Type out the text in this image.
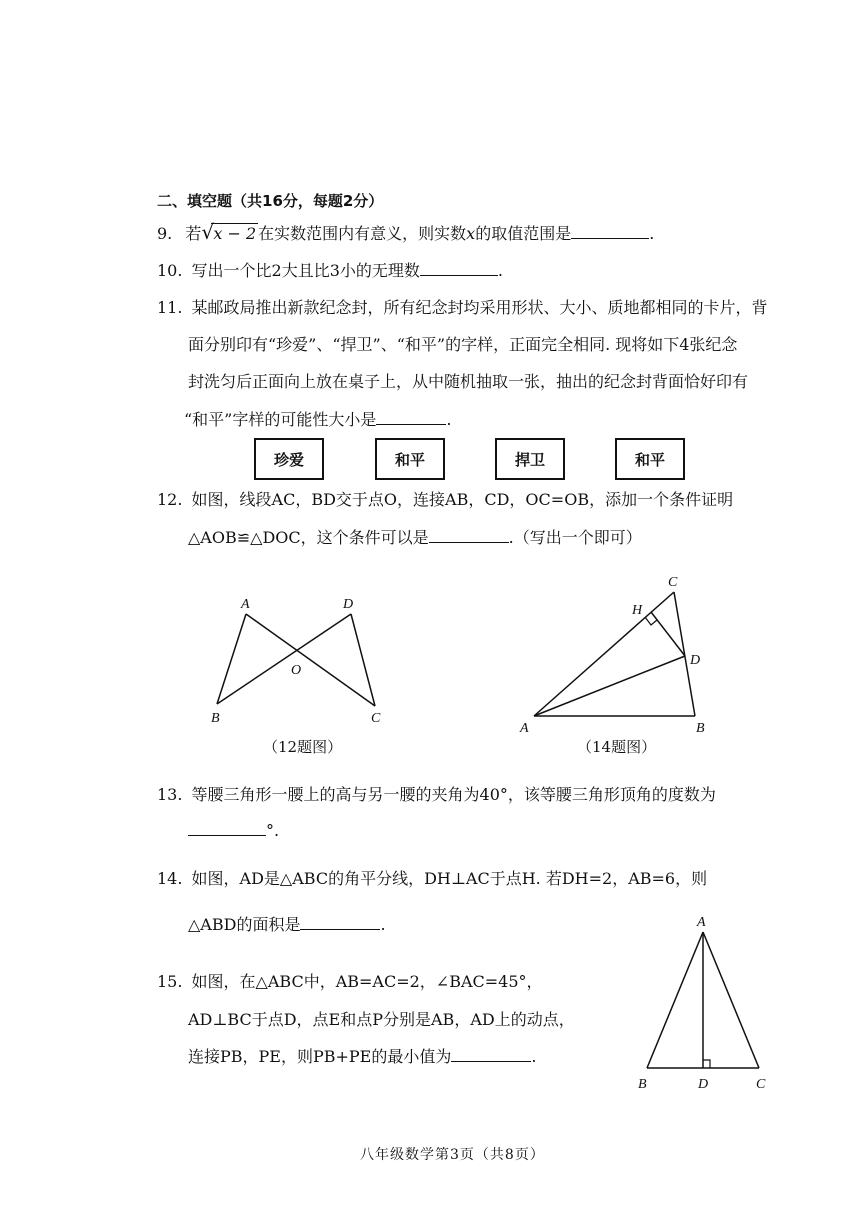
二、填空题（共16分，每题2分）
9. 若 √ x − 2 在实数范围内有意义，则实数x的取值范围是	.
10. 写出一个比2大且比3小的无理数	.
11. 某邮政局推出新款纪念封，所有纪念封均采用形状、大小、质地都相同的卡片，背
面分别印有“珍爱”、“捍卫”、“和平”的字样，正面完全相同. 现将如下4张纪念
封洗匀后正面向上放在桌子上，从中随机抽取一张，抽出的纪念封背面恰好印有
“和平”字样的可能性大小是	.
珍爱	和平	捍卫	和平
12. 如图，线段AC，BD交于点O，连接AB，CD，OC=OB，添加一个条件证明
△AOB≌△DOC，这个条件可以是	.（写出一个即可）
A	D
O
B	C
（12题图）
C
H
D
A	B
（14题图）
13. 等腰三角形一腰上的高与另一腰的夹角为40°，该等腰三角形顶角的度数为
°.
14. 如图，AD是△ABC的角平分线，DH⊥AC于点H. 若DH=2，AB=6，则
△ABD的面积是	.
15. 如图，在△ABC中，AB=AC=2，∠BAC=45°，
AD⊥BC于点D，点E和点P分别是AB，AD上的动点，
连接PB，PE，则PB+PE的最小值为	.
A
B	D	C
八年级数学第3页（共8页）
